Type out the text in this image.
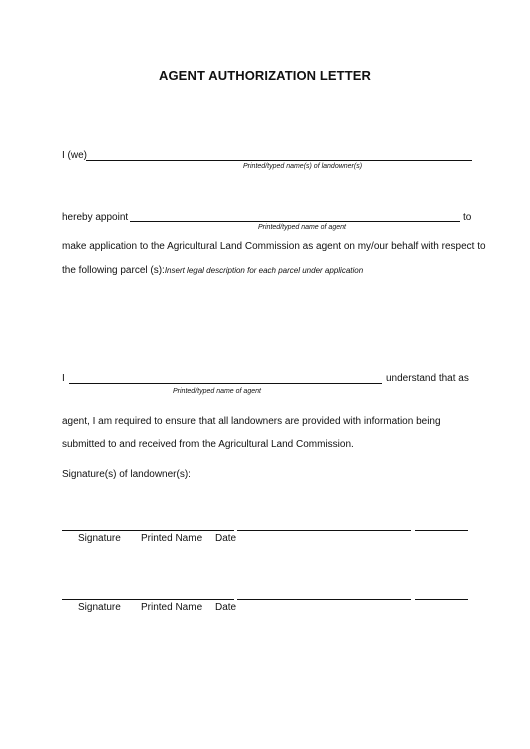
AGENT AUTHORIZATION LETTER
I (we)
Printed/typed name(s) of landowner(s)
hereby appoint	to
Printed/typed name of agent
make application to the Agricultural Land Commission as agent on my/our behalf with respect to
the following parcel (s):Insert legal description for each parcel under application
I	understand that as
Printed/typed name of agent
agent, I am required to ensure that all landowners are provided with information being
submitted to and received from the Agricultural Land Commission.
Signature(s) of landowner(s):
Signature Printed Name Date
Signature Printed Name Date
